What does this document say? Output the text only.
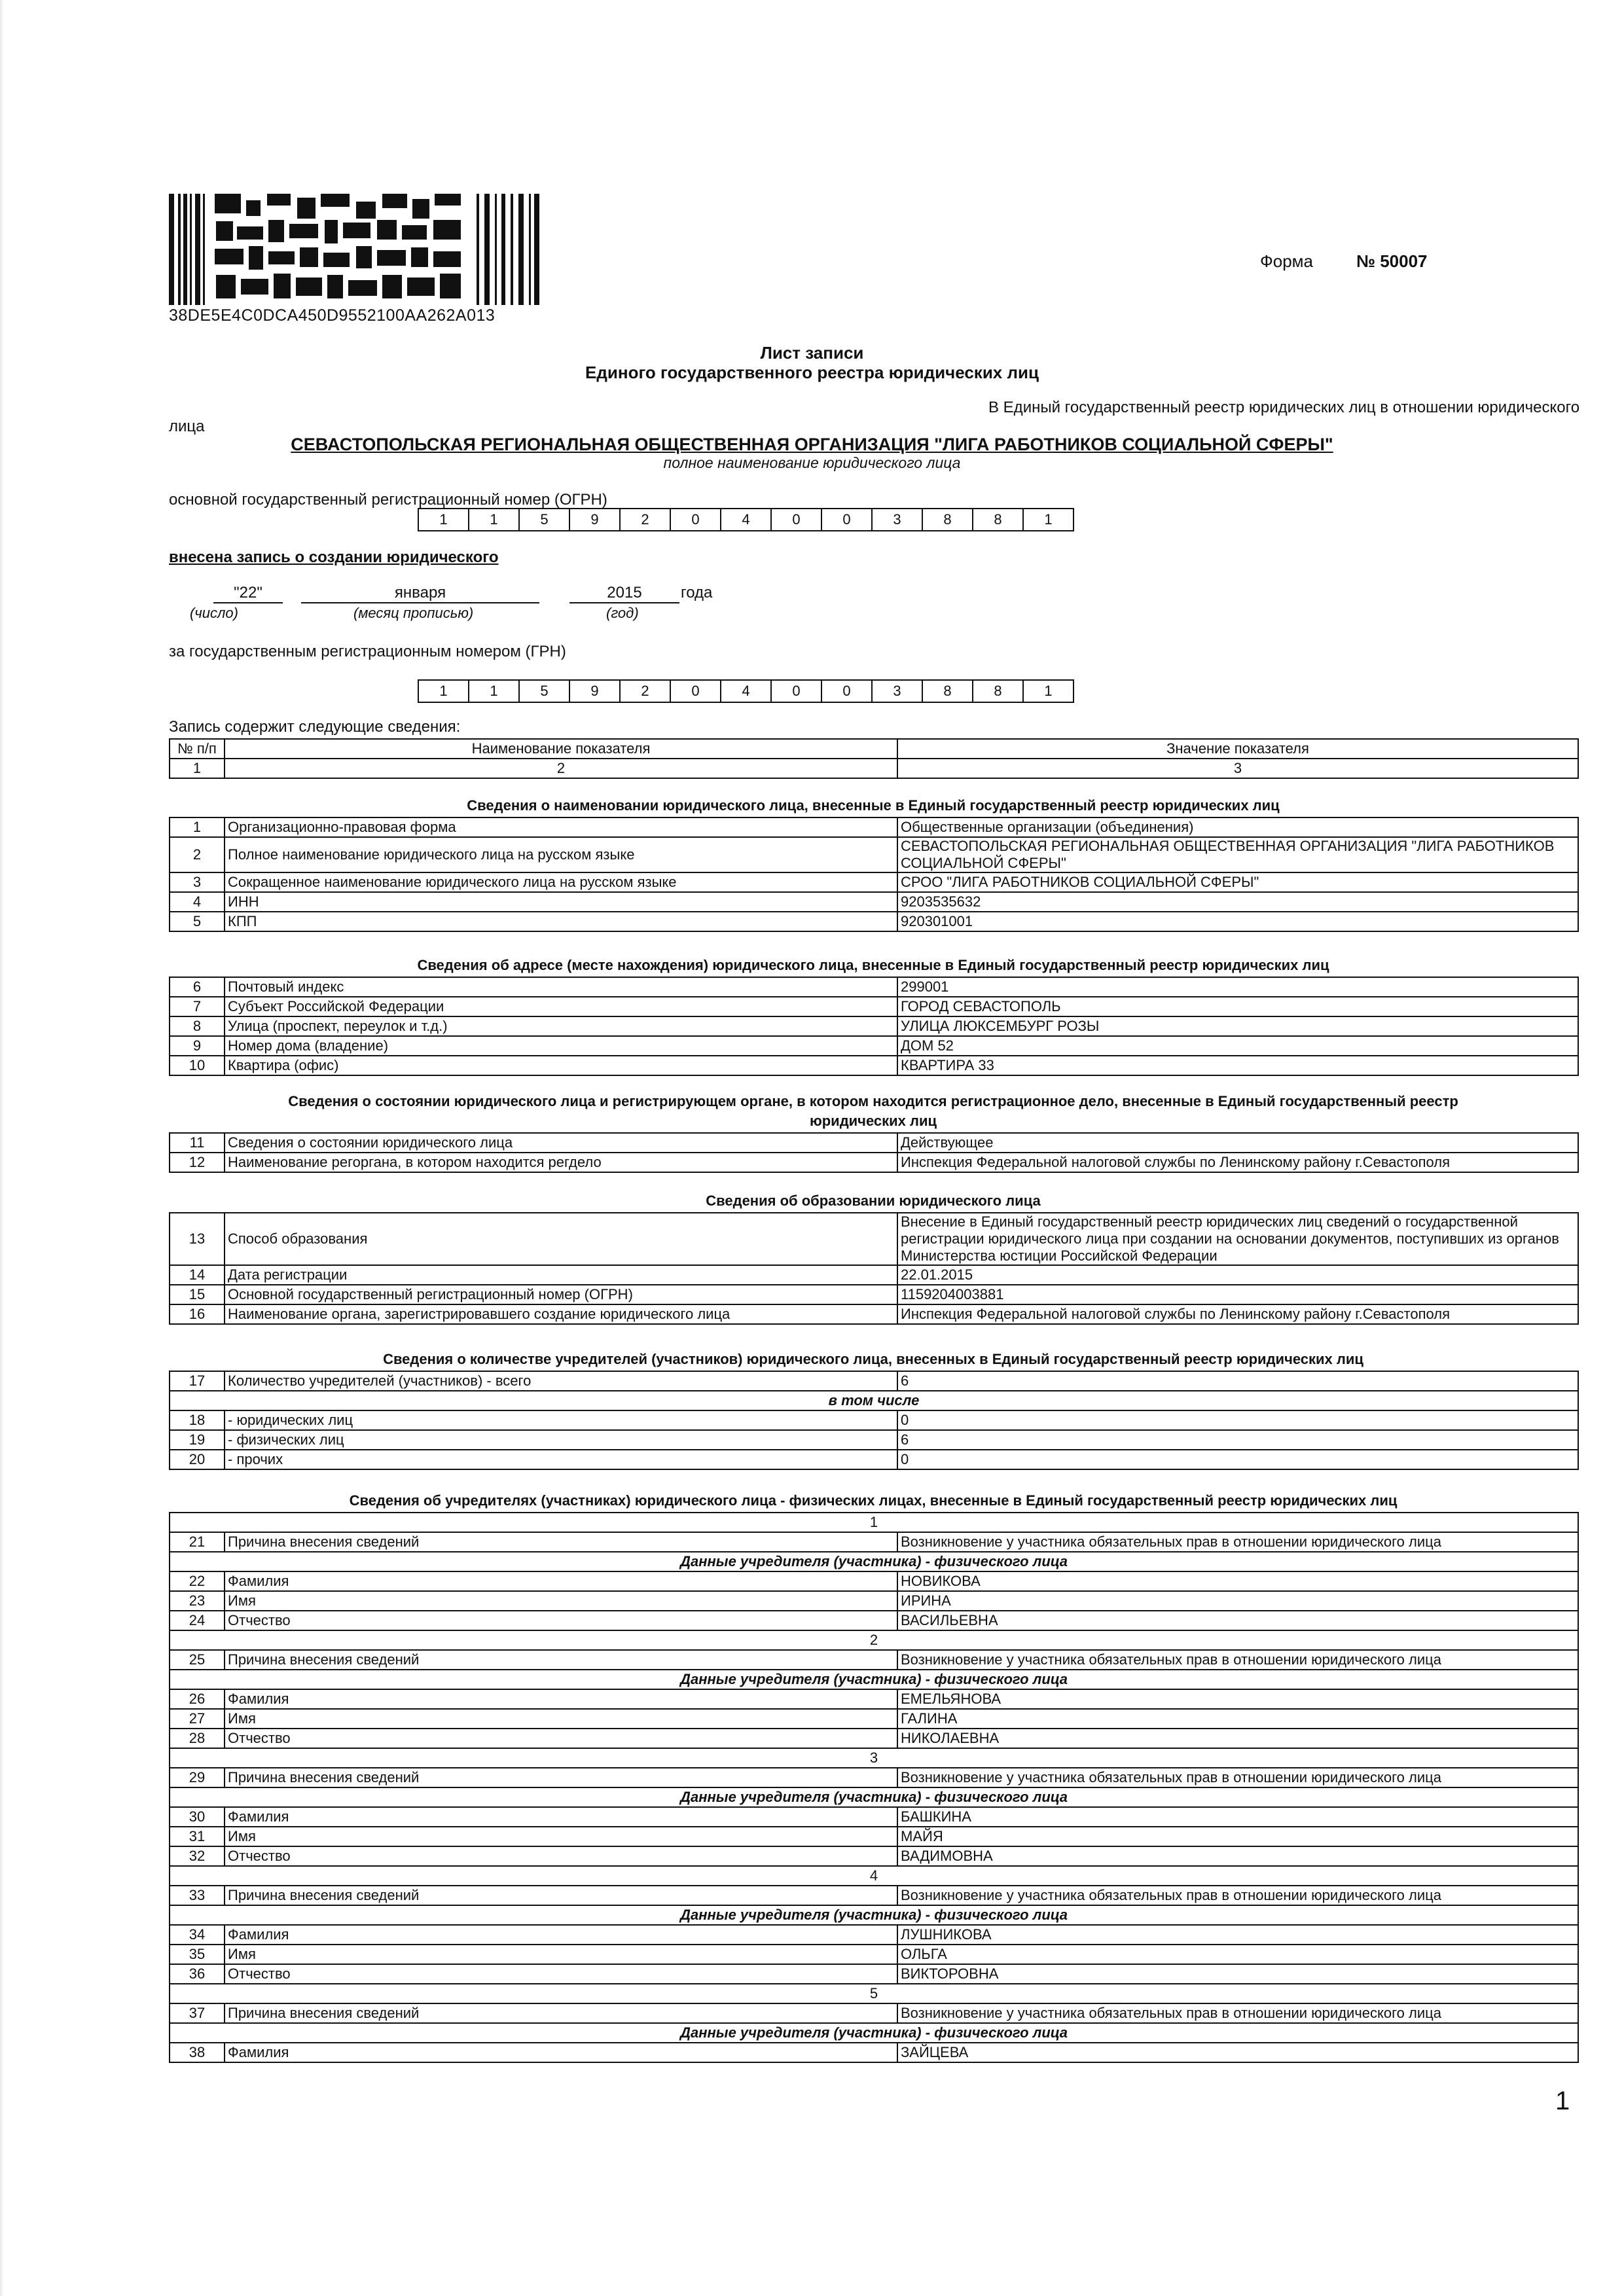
38DE5E4C0DCA450D9552100AA262A013
Форма	№ 50007
Лист записи
Единого государственного реестра юридических лиц
В Единый государственный реестр юридических лиц в отношении юридического
лица
СЕВАСТОПОЛЬСКАЯ РЕГИОНАЛЬНАЯ ОБЩЕСТВЕННАЯ ОРГАНИЗАЦИЯ "ЛИГА РАБОТНИКОВ СОЦИАЛЬНОЙ СФЕРЫ"
полное наименование юридического лица
основной государственный регистрационный номер (ОГРН)
1	1	5	9	2	0	4	0	0	3	8	8	1
внесена запись о создании юридического
"22"	января	2015	года
(число)	(месяц прописью)	(год)
за государственным регистрационным номером (ГРН)
1	1	5	9	2	0	4	0	0	3	8	8	1
Запись содержит следующие сведения:
№ п/п	Наименование показателя	Значение показателя
1	2	3
Сведения о наименовании юридического лица, внесенные в Единый государственный реестр юридических лиц
1	Организационно-правовая форма	Общественные организации (объединения)
2	Полное наименование юридического лица на русском языке	СЕВАСТОПОЛЬСКАЯ РЕГИОНАЛЬНАЯ ОБЩЕСТВЕННАЯ ОРГАНИЗАЦИЯ "ЛИГА РАБОТНИКОВ СОЦИАЛЬНОЙ СФЕРЫ"
3	Сокращенное наименование юридического лица на русском языке	СРОО "ЛИГА РАБОТНИКОВ СОЦИАЛЬНОЙ СФЕРЫ"
4	ИНН	9203535632
5	КПП	920301001
Сведения об адресе (месте нахождения) юридического лица, внесенные в Единый государственный реестр юридических лиц
6	Почтовый индекс	299001
7	Субъект Российской Федерации	ГОРОД СЕВАСТОПОЛЬ
8	Улица (проспект, переулок и т.д.)	УЛИЦА ЛЮКСЕМБУРГ РОЗЫ
9	Номер дома (владение)	ДОМ 52
10	Квартира (офис)	КВАРТИРА 33
Сведения о состоянии юридического лица и регистрирующем органе, в котором находится регистрационное дело, внесенные в Единый государственный реестр
юридических лиц
11	Сведения о состоянии юридического лица	Действующее
12	Наименование регоргана, в котором находится регдело	Инспекция Федеральной налоговой службы по Ленинскому району г.Севастополя
Сведения об образовании юридического лица
13	Способ образования	Внесение в Единый государственный реестр юридических лиц сведений о государственной регистрации юридического лица при создании на основании документов, поступивших из органов Министерства юстиции Российской Федерации
14	Дата регистрации	22.01.2015
15	Основной государственный регистрационный номер (ОГРН)	1159204003881
16	Наименование органа, зарегистрировавшего создание юридического лица	Инспекция Федеральной налоговой службы по Ленинскому району г.Севастополя
Сведения о количестве учредителей (участников) юридического лица, внесенных в Единый государственный реестр юридических лиц
17	Количество учредителей (участников) - всего	6
в том числе		
18	- юридических лиц	0
19	- физических лиц	6
20	- прочих	0
Сведения об учредителях (участниках) юридического лица - физических лицах, внесенные в Единый государственный реестр юридических лиц
1		
21	Причина внесения сведений	Возникновение у участника обязательных прав в отношении юридического лица
Данные учредителя (участника) - физического лица		
22	Фамилия	НОВИКОВА
23	Имя	ИРИНА
24	Отчество	ВАСИЛЬЕВНА
2		
25	Причина внесения сведений	Возникновение у участника обязательных прав в отношении юридического лица
Данные учредителя (участника) - физического лица		
26	Фамилия	ЕМЕЛЬЯНОВА
27	Имя	ГАЛИНА
28	Отчество	НИКОЛАЕВНА
3		
29	Причина внесения сведений	Возникновение у участника обязательных прав в отношении юридического лица
Данные учредителя (участника) - физического лица		
30	Фамилия	БАШКИНА
31	Имя	МАЙЯ
32	Отчество	ВАДИМОВНА
4		
33	Причина внесения сведений	Возникновение у участника обязательных прав в отношении юридического лица
Данные учредителя (участника) - физического лица		
34	Фамилия	ЛУШНИКОВА
35	Имя	ОЛЬГА
36	Отчество	ВИКТОРОВНА
5		
37	Причина внесения сведений	Возникновение у участника обязательных прав в отношении юридического лица
Данные учредителя (участника) - физического лица		
38	Фамилия	ЗАЙЦЕВА
1
